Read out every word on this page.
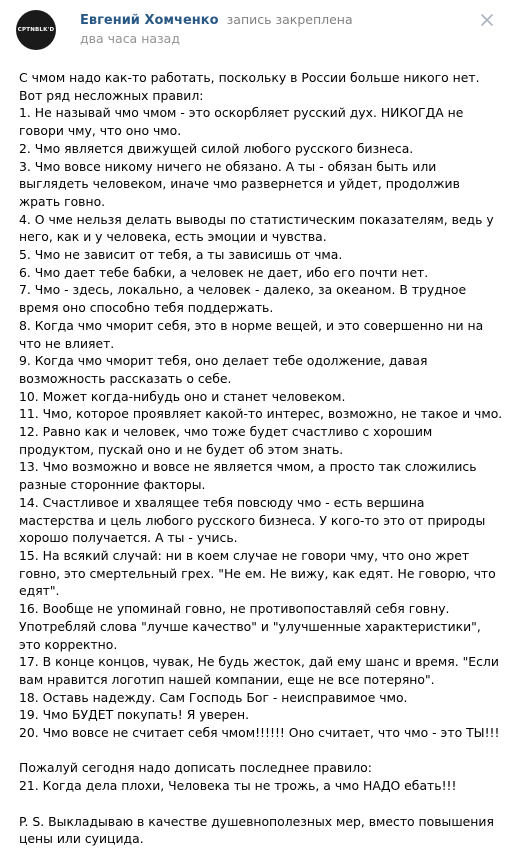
CPTNBLK'D
Евгений Хомченко запись закреплена
два часа назад

С чмом надо как-то работать, поскольку в России больше никого нет.

Вот ряд несложных правил:

1. Не называй чмо чмом - это оскорбляет русский дух. НИКОГДА не говори чму, что оно чмо.

2. Чмо является движущей силой любого русского бизнеса.

3. Чмо вовсе никому ничего не обязано. А ты - обязан быть или выглядеть человеком, иначе чмо развернется и уйдет, продолжив жрать говно.

4. О чме нельзя делать выводы по статистическим показателям, ведь у него, как и у человека, есть эмоции и чувства.

5. Чмо не зависит от тебя, а ты зависишь от чма.

6. Чмо дает тебе бабки, а человек не дает, ибо его почти нет.

7. Чмо - здесь, локально, а человек - далеко, за океаном. В трудное время оно способно тебя поддержать.

8. Когда чмо чморит себя, это в норме вещей, и это совершенно ни на что не влияет.

9. Когда чмо чморит тебя, оно делает тебе одолжение, давая возможность рассказать о себе.

10. Может когда-нибудь оно и станет человеком.

11. Чмо, которое проявляет какой-то интерес, возможно, не такое и чмо.

12. Равно как и человек, чмо тоже будет счастливо с хорошим продуктом, пускай оно и не будет об этом знать.

13. Чмо возможно и вовсе не является чмом, а просто так сложились разные сторонние факторы.

14. Счастливое и хвалящее тебя повсюду чмо - есть вершина мастерства и цель любого русского бизнеса. У кого-то это от природы хорошо получается. А ты - учись.

15. На всякий случай: ни в коем случае не говори чму, что оно жрет говно, это смертельный грех. "Не ем. Не вижу, как едят. Не говорю, что едят".

16. Вообще не упоминай говно, не противопоставляй себя говну. Употребляй слова "лучше качество" и "улучшенные характеристики", это корректно.

17. В конце концов, чувак, Не будь жесток, дай ему шанс и время. "Если вам нравится логотип нашей компании, еще не все потеряно".

18. Оставь надежду. Сам Господь Бог - неисправимое чмо.

19. Чмо БУДЕТ покупать! Я уверен.

20. Чмо вовсе не считает себя чмом!!!!!! Оно считает, что чмо - это ТЫ!!!

Пожалуй сегодня надо дописать последнее правило:

21. Когда дела плохи, Человека ты не трожь, а чмо НАДО ебать!!!

P. S. Выкладываю в качестве душевнополезных мер, вместо повышения цены или суицида.
